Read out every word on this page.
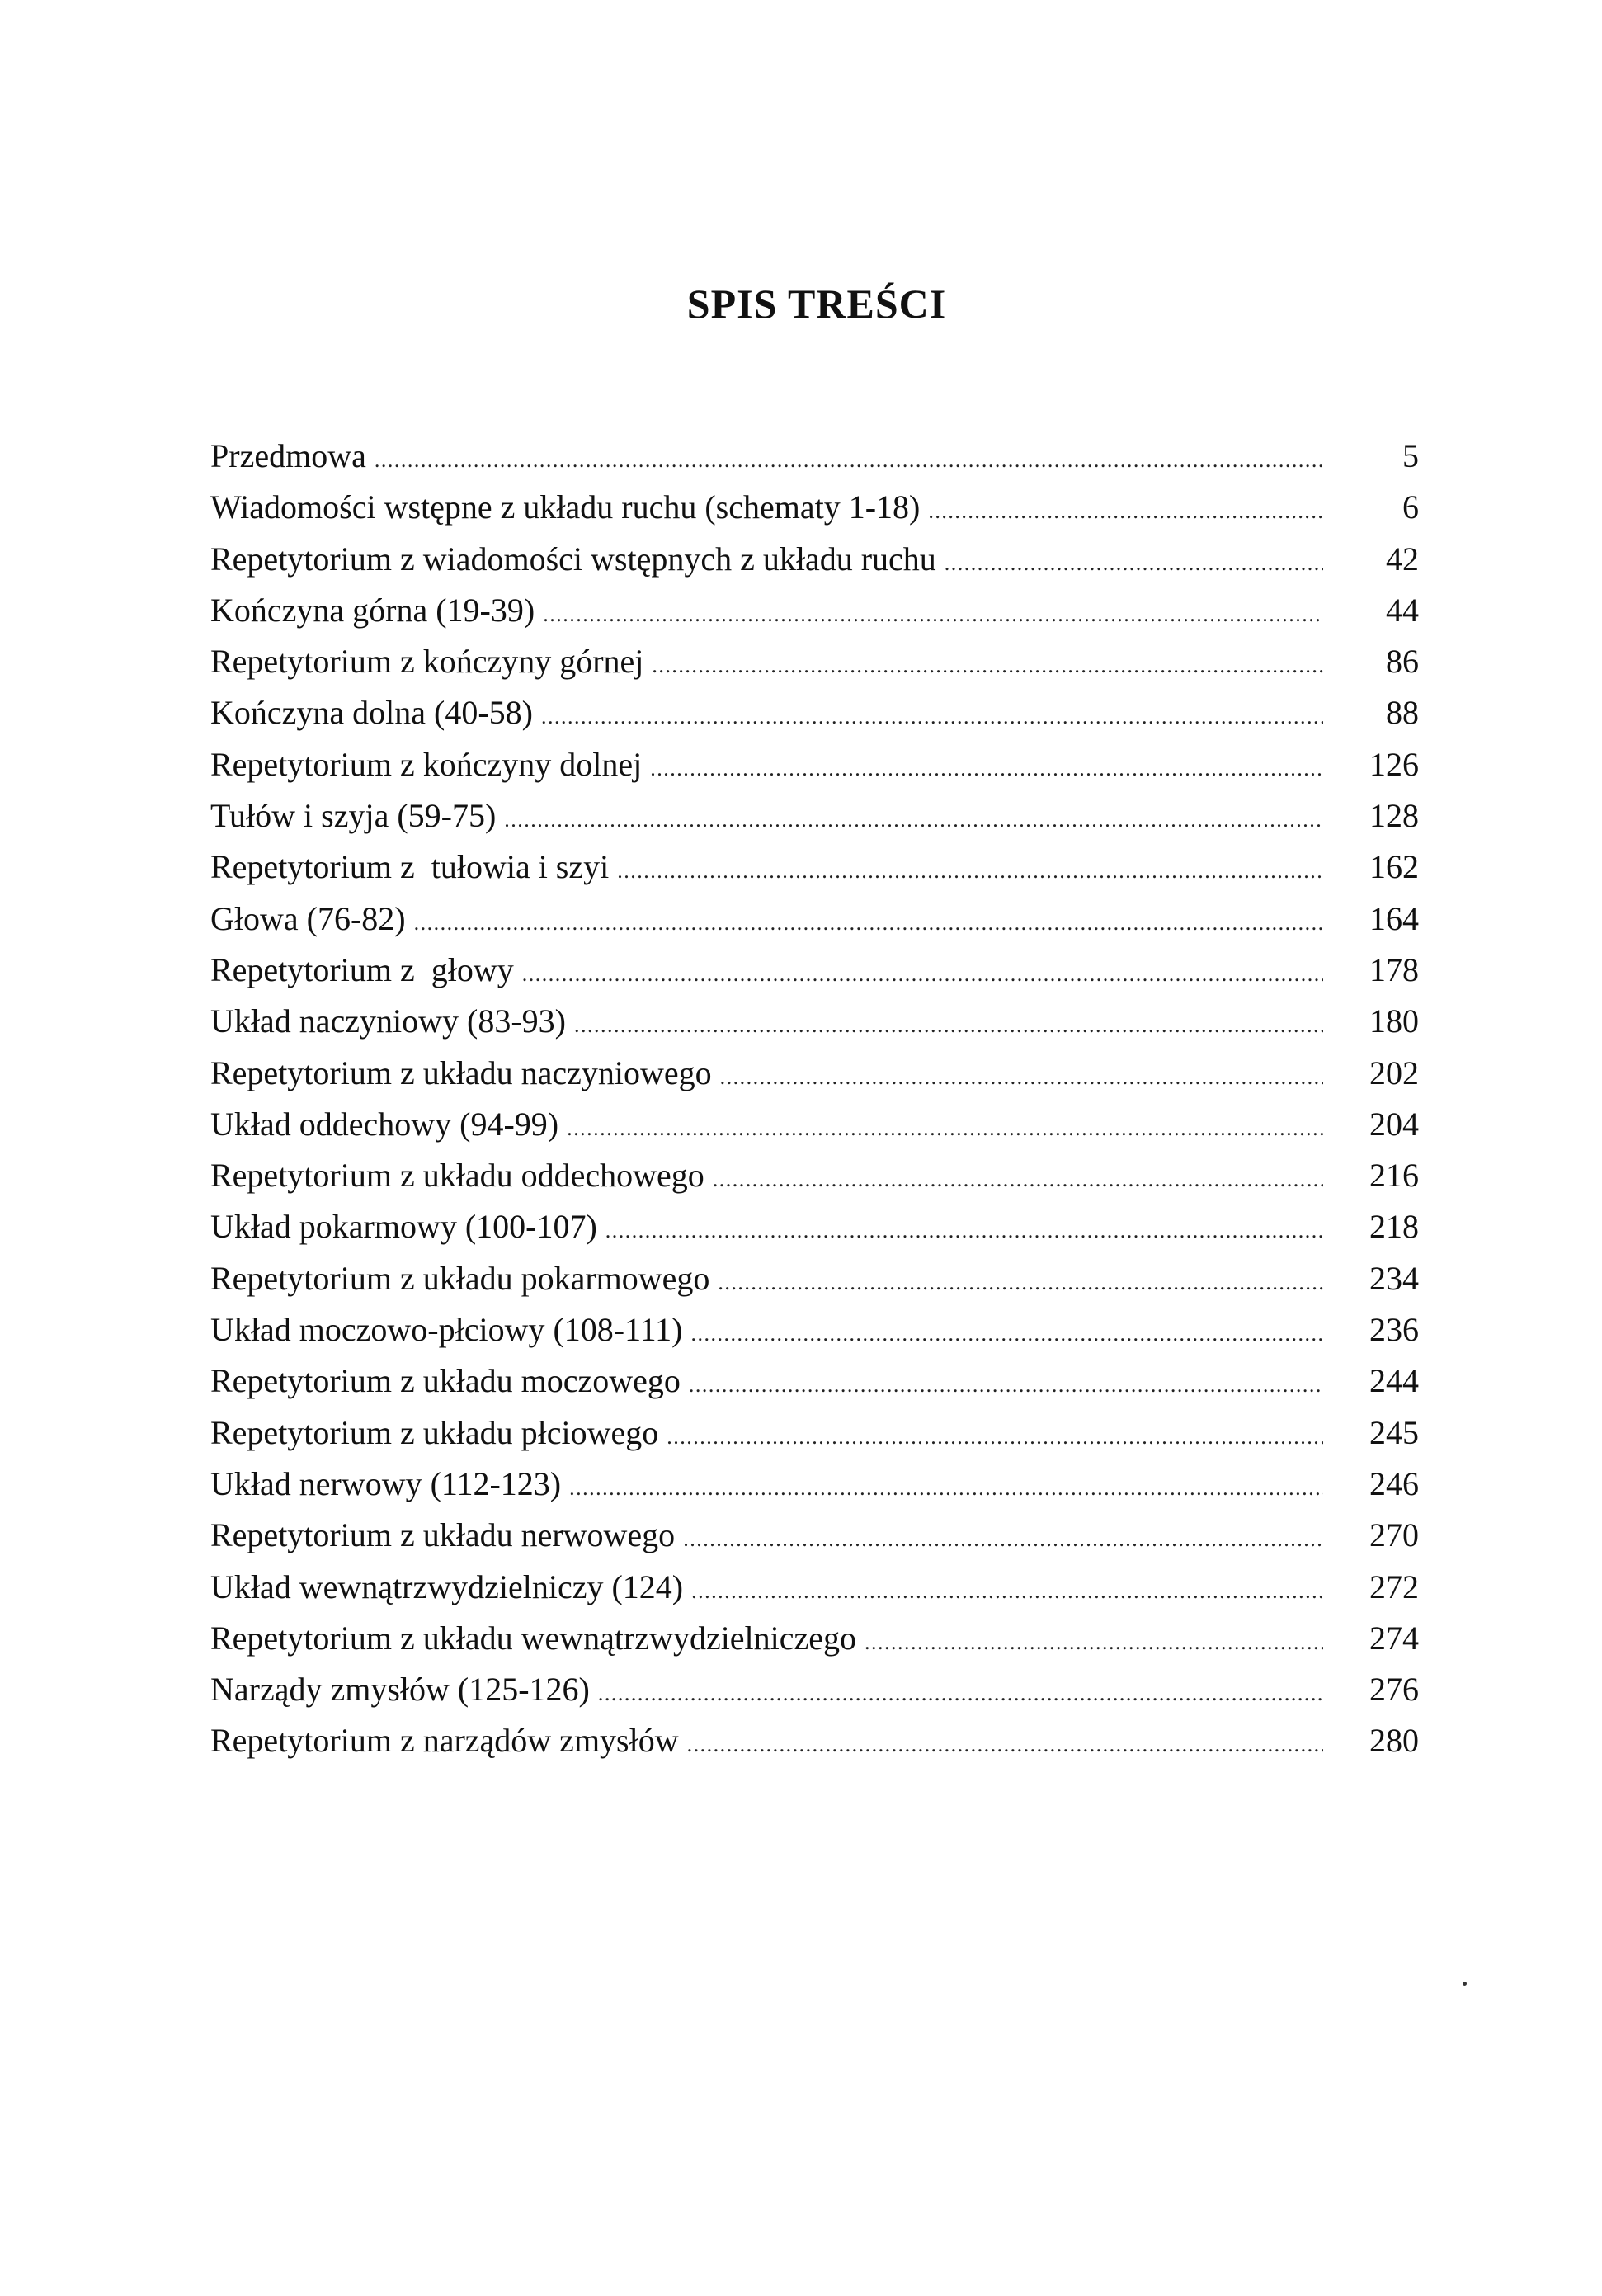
SPIS TREŚCI
Przedmowa .....	5
Wiadomości wstępne z układu ruchu (schematy 1-18) .....	6
Repetytorium z wiadomości wstępnych z układu ruchu .....	42
Kończyna górna (19-39) .....	44
Repetytorium z kończyny górnej .....	86
Kończyna dolna (40-58) .....	88
Repetytorium z kończyny dolnej .....	126
Tułów i szyja (59-75) .....	128
Repetytorium z  tułowia i szyi .....	162
Głowa (76-82) .....	164
Repetytorium z  głowy .....	178
Układ naczyniowy (83-93) .....	180
Repetytorium z układu naczyniowego .....	202
Układ oddechowy (94-99) .....	204
Repetytorium z układu oddechowego .....	216
Układ pokarmowy (100-107) .....	218
Repetytorium z układu pokarmowego .....	234
Układ moczowo-płciowy (108-111) .....	236
Repetytorium z układu moczowego .....	244
Repetytorium z układu płciowego .....	245
Układ nerwowy (112-123) .....	246
Repetytorium z układu nerwowego .....	270
Układ wewnątrzwydzielniczy (124) .....	272
Repetytorium z układu wewnątrzwydzielniczego .....	274
Narządy zmysłów (125-126) .....	276
Repetytorium z narządów zmysłów .....	280
